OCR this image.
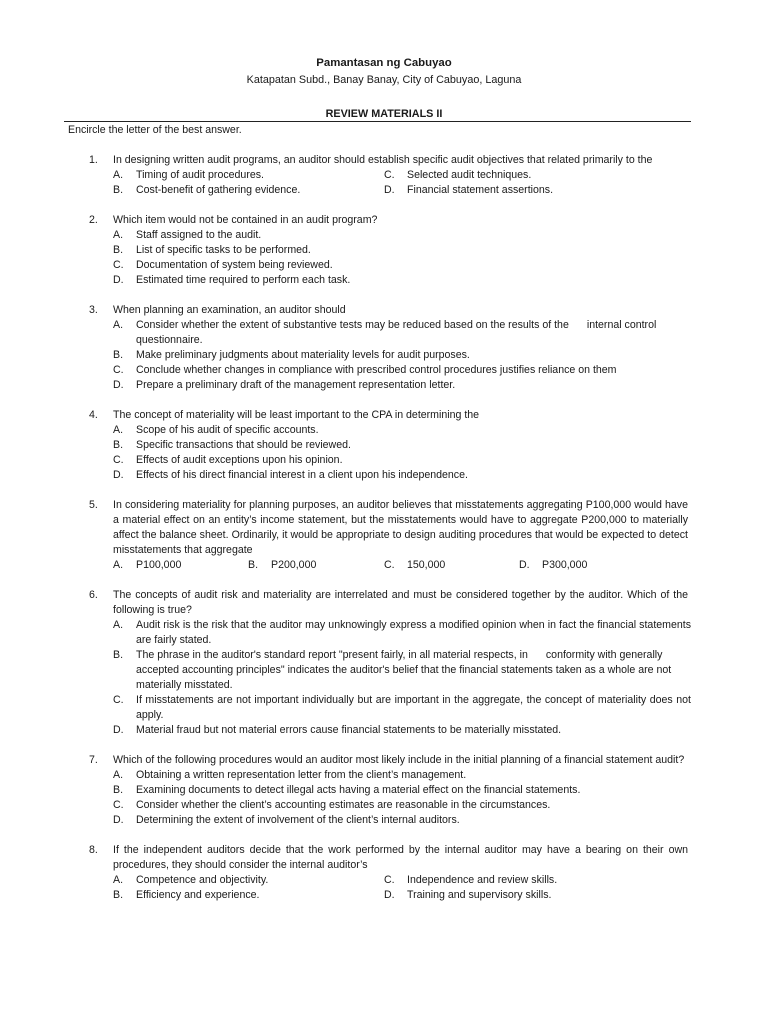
Pamantasan ng Cabuyao
Katapatan Subd., Banay Banay, City of Cabuyao, Laguna
REVIEW MATERIALS II
Encircle the letter of the best answer.
1.	In designing written audit programs, an auditor should establish specific audit objectives that related primarily to the
A.	Timing of audit procedures.	C.	Selected audit techniques.
B.	Cost-benefit of gathering evidence.	D.	Financial statement assertions.
2.	Which item would not be contained in an audit program?
A.	Staff assigned to the audit.
B.	List of specific tasks to be performed.
C.	Documentation of system being reviewed.
D.	Estimated time required to perform each task.
3.	When planning an examination, an auditor should
A.	Consider whether the extent of substantive tests may be reduced based on the results of the internal control questionnaire.
B.	Make preliminary judgments about materiality levels for audit purposes.
C.	Conclude whether changes in compliance with prescribed control procedures justifies reliance on them
D.	Prepare a preliminary draft of the management representation letter.
4.	The concept of materiality will be least important to the CPA in determining the
A.	Scope of his audit of specific accounts.
B.	Specific transactions that should be reviewed.
C.	Effects of audit exceptions upon his opinion.
D.	Effects of his direct financial interest in a client upon his independence.
5.	In considering materiality for planning purposes, an auditor believes that misstatements aggregating P100,000 would have a material effect on an entity’s income statement, but the misstatements would have to aggregate P200,000 to materially affect the balance sheet. Ordinarily, it would be appropriate to design auditing procedures that would be expected to detect misstatements that aggregate
A.	P100,000	B.	P200,000	C.	150,000	D.	P300,000
6.	The concepts of audit risk and materiality are interrelated and must be considered together by the auditor. Which of the following is true?
A.	Audit risk is the risk that the auditor may unknowingly express a modified opinion when in fact the financial statements are fairly stated.
B.	The phrase in the auditor's standard report "present fairly, in all material respects, in conformity with generally accepted accounting principles" indicates the auditor's belief that the financial statements taken as a whole are not materially misstated.
C.	If misstatements are not important individually but are important in the aggregate, the concept of materiality does not apply.
D.	Material fraud but not material errors cause financial statements to be materially misstated.
7.	Which of the following procedures would an auditor most likely include in the initial planning of a financial statement audit?
A.	Obtaining a written representation letter from the client’s management.
B.	Examining documents to detect illegal acts having a material effect on the financial statements.
C.	Consider whether the client’s accounting estimates are reasonable in the circumstances.
D.	Determining the extent of involvement of the client’s internal auditors.
8.	If the independent auditors decide that the work performed by the internal auditor may have a bearing on their own procedures, they should consider the internal auditor’s
A.	Competence and objectivity.	C.	Independence and review skills.
B.	Efficiency and experience.	D.	Training and supervisory skills.
